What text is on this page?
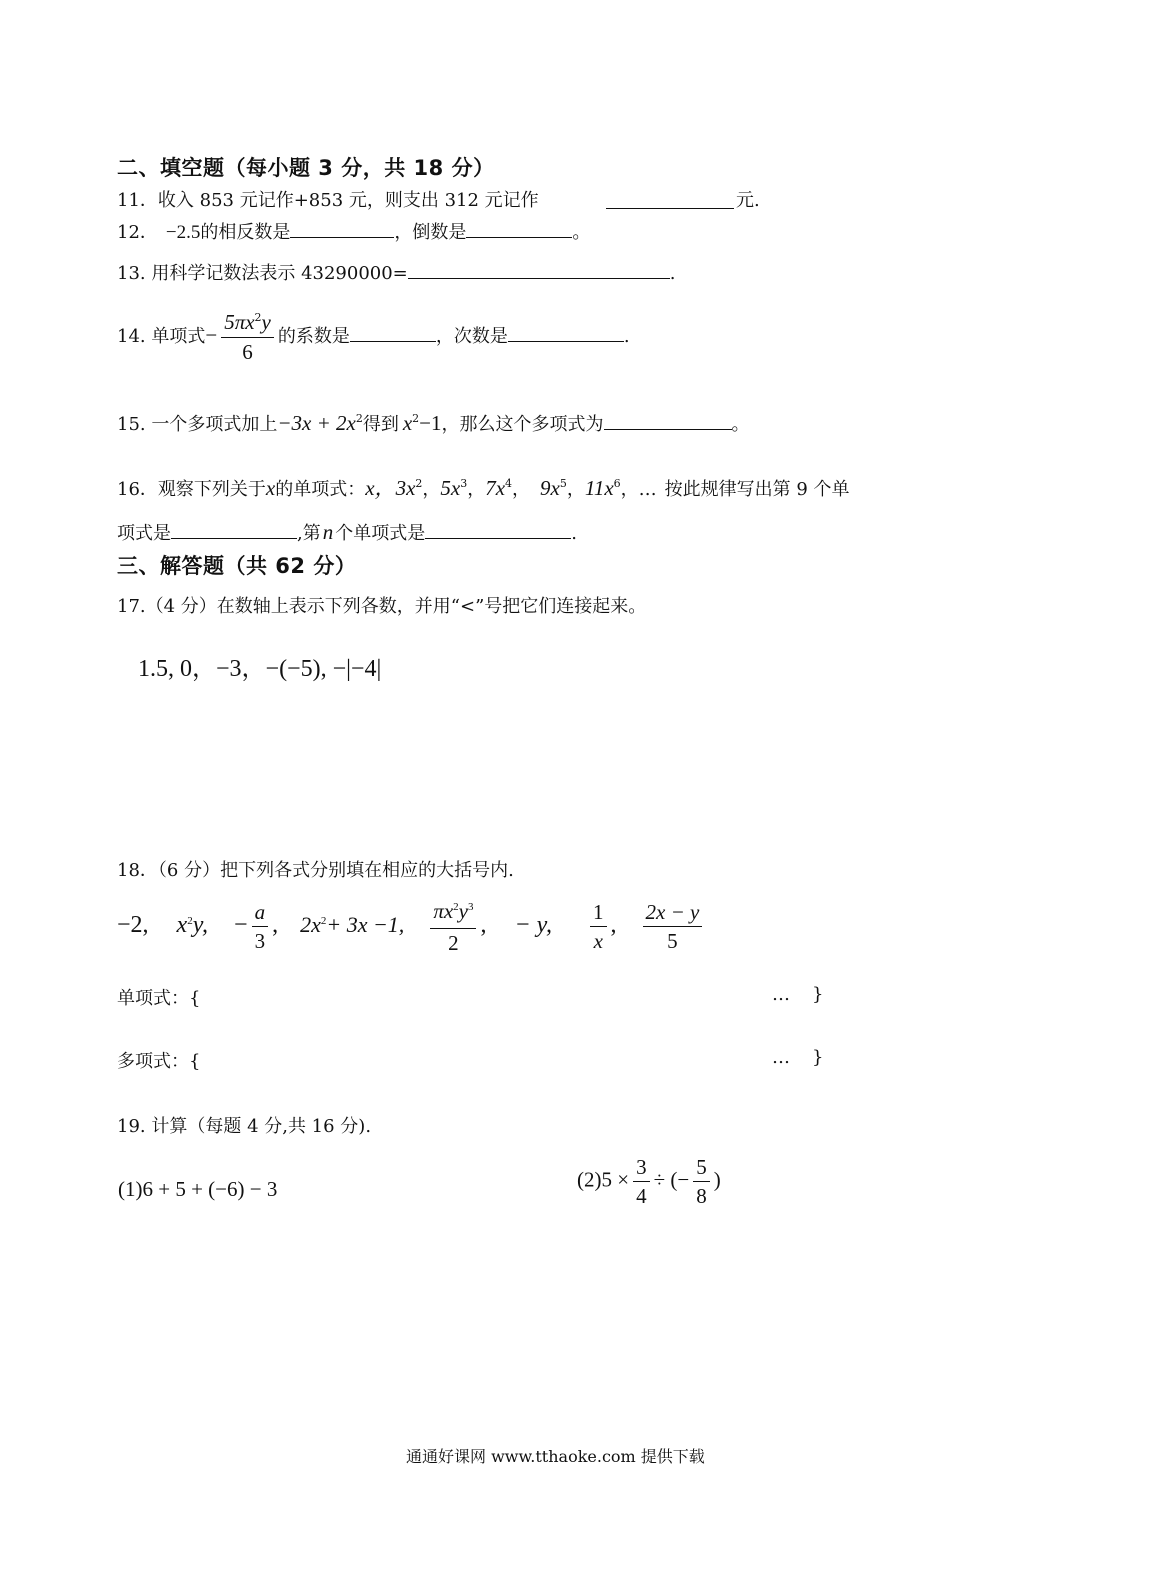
二、填空题（每小题 3 分，共 18 分）
11．收入 853 元记作+853 元，则支出 312 元记作	元.
12． −2.5的相反数是	，倒数是	。
13. 用科学记数法表示 43290000=	.
14. 单项式− $\frac{5\pi x^2y}{6}$ 的系数是	，次数是	.
15. 一个多项式加上$-3x + 2x^2$得到 $x^2-1$，那么这个多项式为	。
16．观察下列关于x的单项式：x，$3x^2$，$5x^3$，$7x^4$， $9x^5$，$11x^6$，… 按此规律写出第 9 个单
项式是	,第n 个单项式是	.
三、解答题（共 62 分）
17.（4 分）在数轴上表示下列各数，并用“<”号把它们连接起来。
1.5, 0，−3，−(−5), −|−4|
18．（6 分）把下列各式分别填在相应的大括号内.
−2, $x^2y$, − $\frac{a}{3}$ , $2x^2+ 3x -1$, $\frac{\pi x^2y^3}{2}$ , − y, $\frac{1}{x}$ , $\frac{2x - y}{5}$
单项式：{	… }
多项式：{	… }
19. 计算（每题 4 分,共 16 分).
(1)6 + 5 + (−6) − 3	$(2)5 \times \frac{3}{4}$ ÷ (− $\frac{5}{8}$ )
通通好课网 www.tthaoke.com 提供下载
